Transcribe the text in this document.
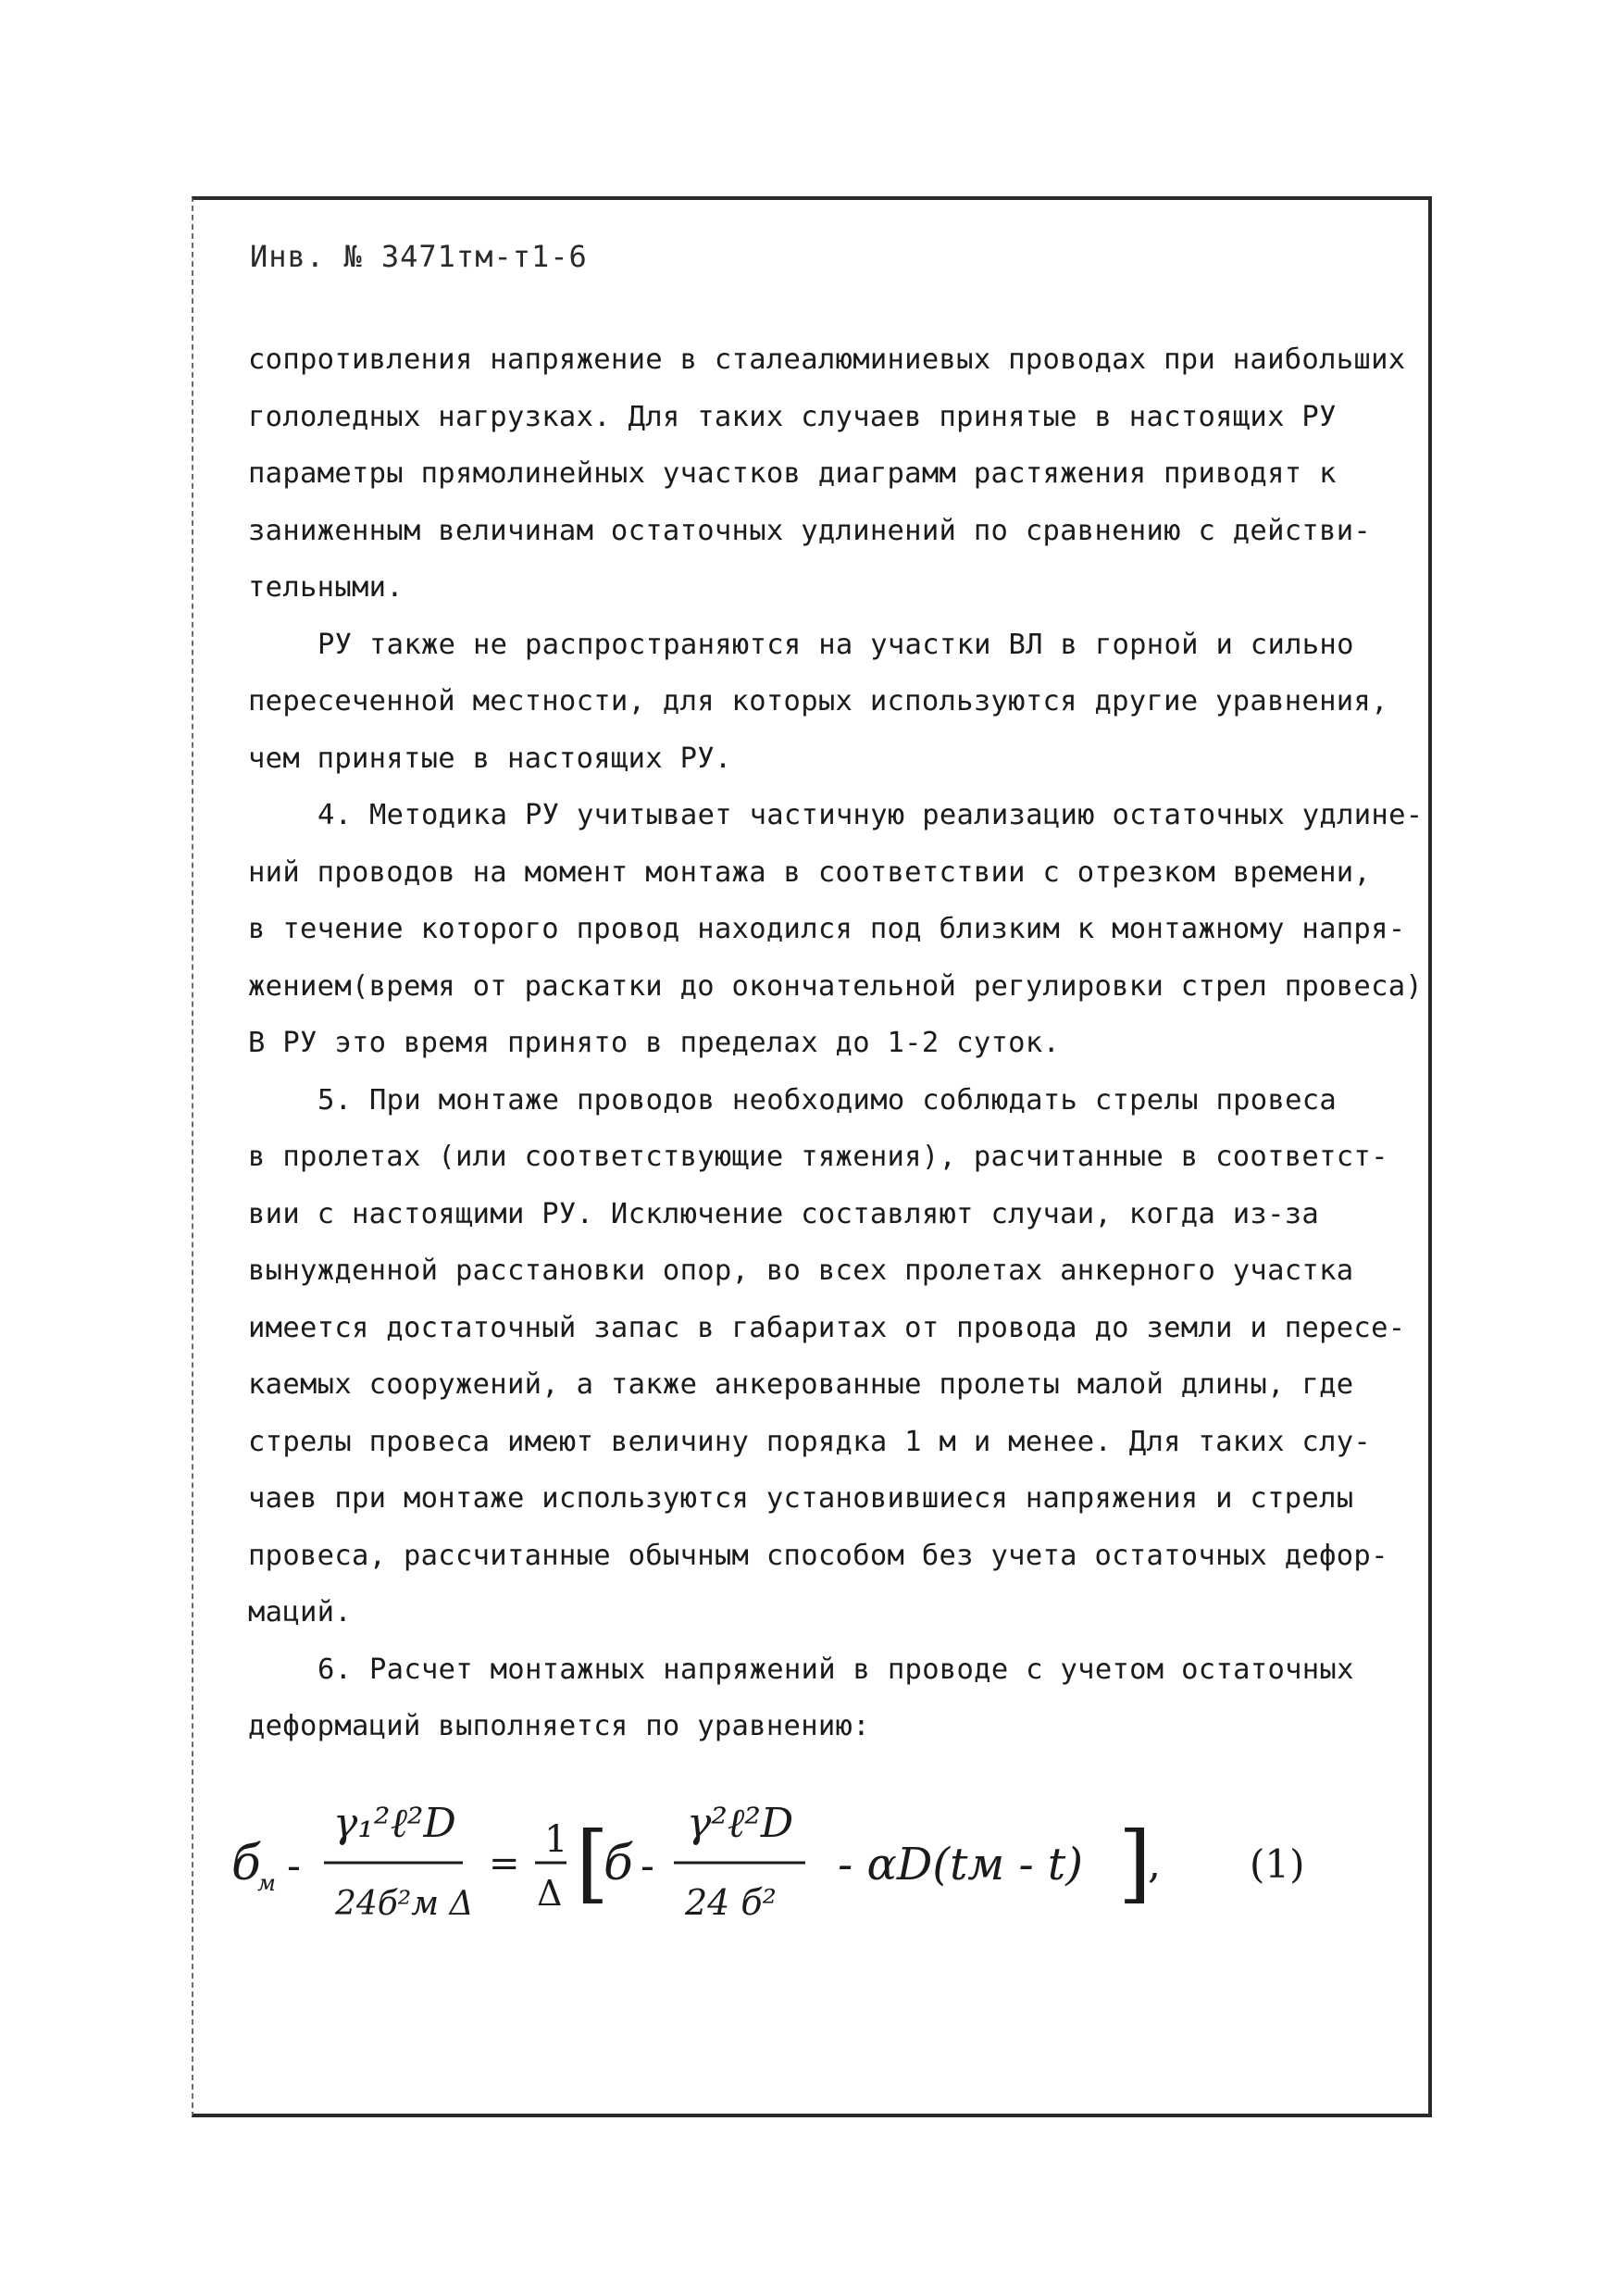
Инв. № 3471тм-т1-6

сопротивления напряжение в сталеалюминиевых проводах при наибольших
гололедных нагрузках. Для таких случаев принятые в настоящих РУ
параметры прямолинейных участков диаграмм растяжения приводят к
заниженным величинам остаточных удлинений по сравнению с действи-
тельными.

РУ также не распространяются на участки ВЛ в горной и сильно
пересеченной местности, для которых используются другие уравнения,
чем принятые в настоящих РУ.

4. Методика РУ учитывает частичную реализацию остаточных удлине-
ний проводов на момент монтажа в соответствии с отрезком времени,
в течение которого провод находился под близким к монтажному напря-
жением(время от раскатки до окончательной регулировки стрел провеса)
В РУ это время принято в пределах до 1-2 суток.

5. При монтаже проводов необходимо соблюдать стрелы провеса
в пролетах (или соответствующие тяжения), расчитанные в соответст-
вии с настоящими РУ. Исключение составляют случаи, когда из-за
вынужденной расстановки опор, во всех пролетах анкерного участка
имеется достаточный запас в габаритах от провода до земли и пересе-
каемых сооружений, а также анкерованные пролеты малой длины, где
стрелы провеса имеют величину порядка 1 м и менее. Для таких слу-
чаев при монтаже используются установившиеся напряжения и стрелы
провеса, рассчитанные обычным способом без учета остаточных дефор-
маций.

6. Расчет монтажных напряжений в проводе с учетом остаточных
деформаций выполняется по уравнению:

б
м -
γ₁²ℓ²D
24б²м Δ
=
1
Δ [
б -
γ²ℓ²D
24 б²
- αD(tм - t) ]
, (1)
